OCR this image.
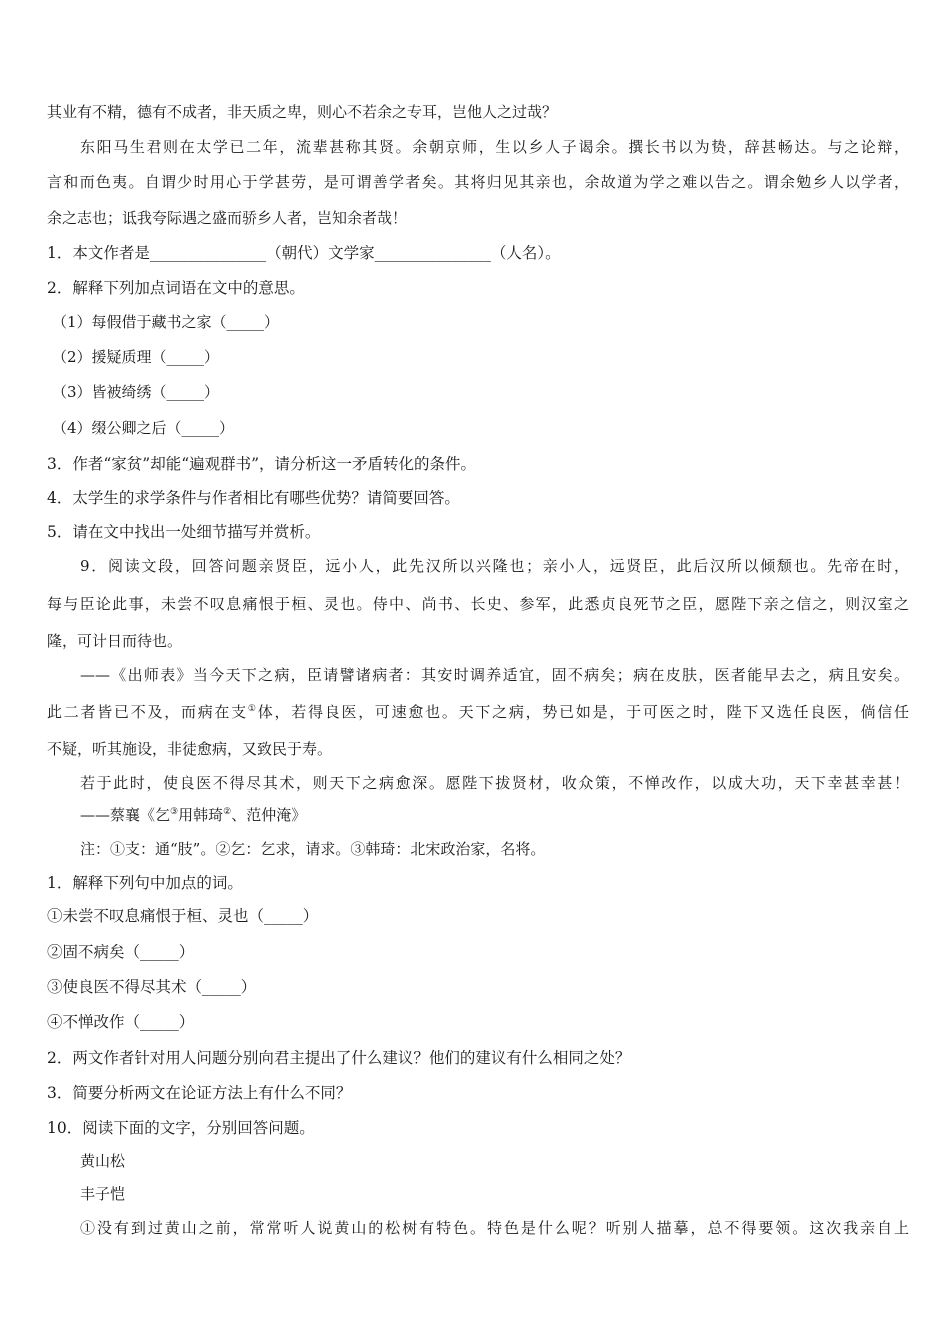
其业有不精，德有不成者，非天质之卑，则心不若余之专耳，岂他人之过哉？
东阳马生君则在太学已二年，流辈甚称其贤。余朝京师，生以乡人子谒余。撰长书以为贽，辞甚畅达。与之论辩，
言和而色夷。自谓少时用心于学甚劳，是可谓善学者矣。其将归见其亲也，余故道为学之难以告之。谓余勉乡人以学者，
余之志也；诋我夸际遇之盛而骄乡人者，岂知余者哉！
1．本文作者是_______________（朝代）文学家_______________（人名）。
2．解释下列加点词语在文中的意思。
（1）每假借于藏书之家（_____）
（2）援疑质理（_____）
（3）皆被绮绣（_____）
（4）缀公卿之后（_____）
3．作者“家贫”却能“遍观群书”，请分析这一矛盾转化的条件。
4．太学生的求学条件与作者相比有哪些优势？请简要回答。
5．请在文中找出一处细节描写并赏析。
9．阅读文段，回答问题亲贤臣，远小人，此先汉所以兴隆也；亲小人，远贤臣，此后汉所以倾颓也。先帝在时，
每与臣论此事，未尝不叹息痛恨于桓、灵也。侍中、尚书、长史、参军，此悉贞良死节之臣，愿陛下亲之信之，则汉室之
隆，可计日而待也。
——《出师表》当今天下之病，臣请譬诸病者：其安时调养适宜，固不病矣；病在皮肤，医者能早去之，病且安矣。
此二者皆已不及，而病在支①体，若得良医，可速愈也。天下之病，势已如是，于可医之时，陛下又选任良医，倘信任
不疑，听其施设，非徒愈病，又致民于寿。
若于此时，使良医不得尽其术，则天下之病愈深。愿陛下拔贤材，收众策，不惮改作，以成大功，天下幸甚幸甚！
——蔡襄《乞③用韩琦②、范仲淹》
注：①支：通“肢”。②乞：乞求，请求。③韩琦：北宋政治家，名将。
1．解释下列句中加点的词。
①未尝不叹息痛恨于桓、灵也（_____）
②固不病矣（_____）
③使良医不得尽其术（_____）
④不惮改作（_____）
2．两文作者针对用人问题分别向君主提出了什么建议？他们的建议有什么相同之处？
3．简要分析两文在论证方法上有什么不同？
10．阅读下面的文字，分别回答问题。
黄山松
丰子恺
①没有到过黄山之前，常常听人说黄山的松树有特色。特色是什么呢？听别人描摹，总不得要领。这次我亲自上
